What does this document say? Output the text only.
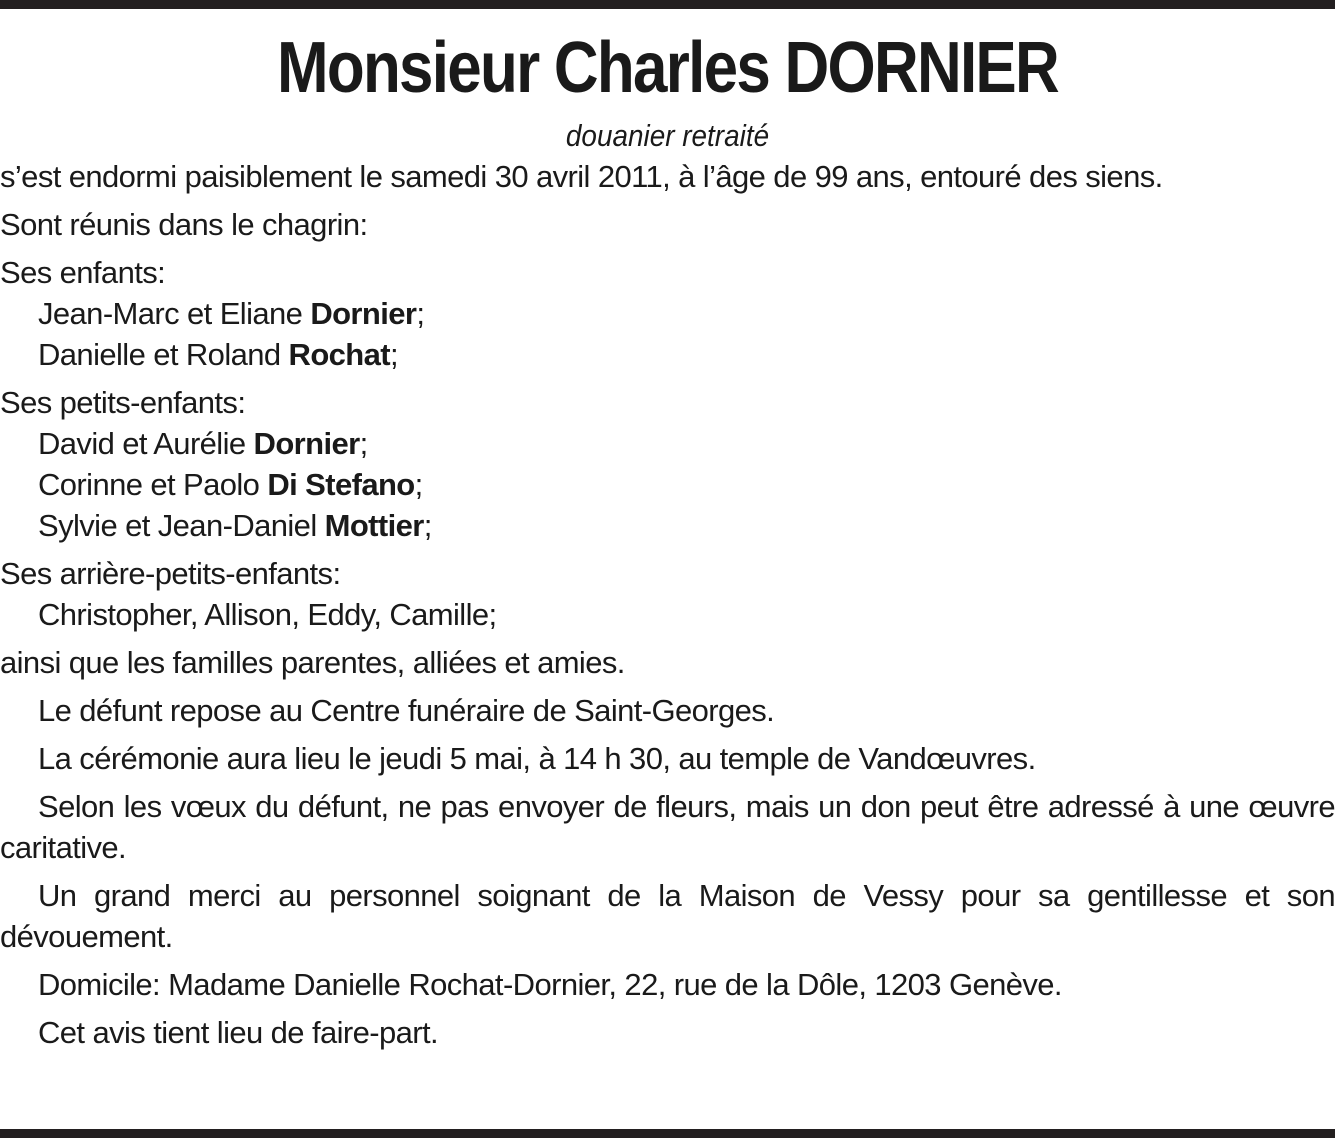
Monsieur Charles DORNIER

douanier retraité

s’est endormi paisiblement le samedi 30 avril 2011, à l’âge de 99 ans, entouré des siens.

Sont réunis dans le chagrin:

Ses enfants:

Jean-Marc et Eliane Dornier;

Danielle et Roland Rochat;

Ses petits-enfants:

David et Aurélie Dornier;

Corinne et Paolo Di Stefano;

Sylvie et Jean-Daniel Mottier;

Ses arrière-petits-enfants:

Christopher, Allison, Eddy, Camille;

ainsi que les familles parentes, alliées et amies.

Le défunt repose au Centre funéraire de Saint-Georges.

La cérémonie aura lieu le jeudi 5 mai, à 14 h 30, au temple de Vandœuvres.

Selon les vœux du défunt, ne pas envoyer de fleurs, mais un don peut être adressé à une œuvre caritative.

Un grand merci au personnel soignant de la Maison de Vessy pour sa gentillesse et son dévouement.

Domicile: Madame Danielle Rochat-Dornier, 22, rue de la Dôle, 1203 Genève.

Cet avis tient lieu de faire-part.
